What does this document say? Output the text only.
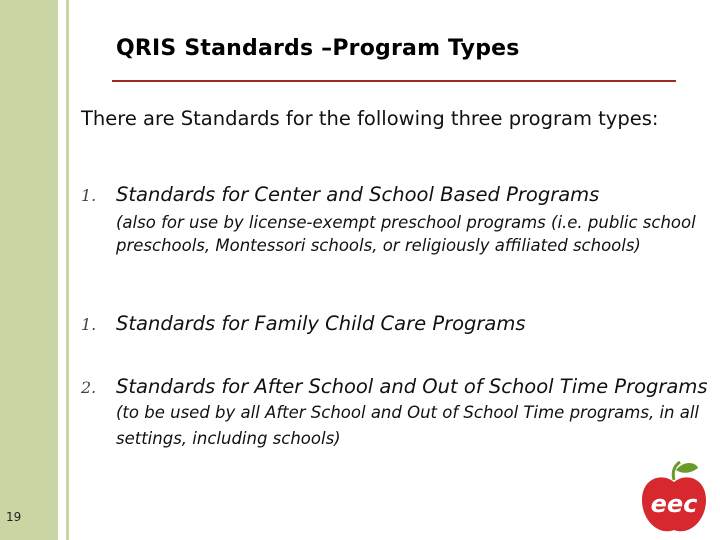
QRIS Standards –Program Types
There are Standards for the following three program types:
1. Standards for Center and School Based Programs
(also for use by license-exempt preschool programs (i.e. public school preschools, Montessori schools, or religiously affiliated schools)
1. Standards for Family Child Care Programs
2. Standards for After School and Out of School Time Programs (to be used by all After School and Out of School Time programs, in all settings, including schools)
19	eec
